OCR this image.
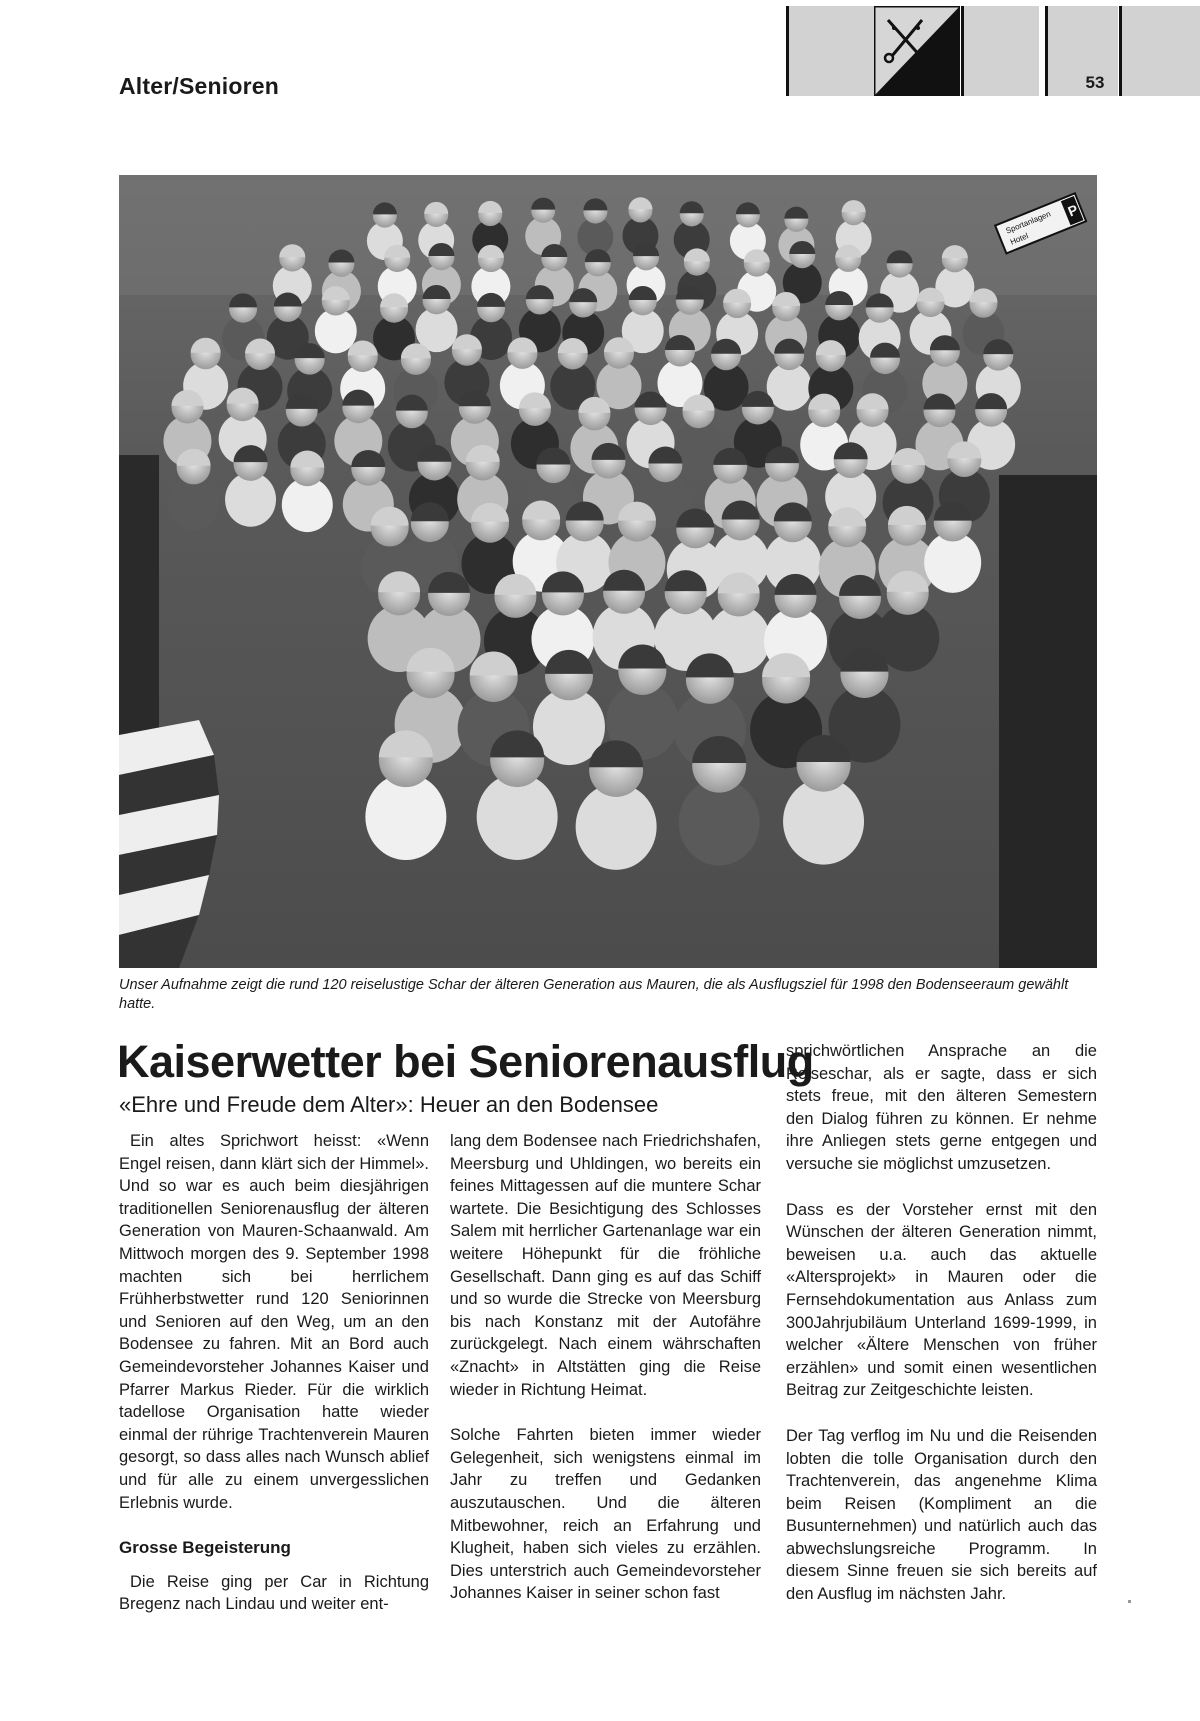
Alter/Senioren	53
Sportanlagen
Hotel
P
Unser Aufnahme zeigt die rund 120 reiselustige Schar der älteren Generation aus Mauren, die als Ausflugsziel für 1998 den Bodenseeraum gewählt hatte.
Kaiserwetter bei Seniorenausflug
«Ehre und Freude dem Alter»: Heuer an den Bodensee

Ein altes Sprichwort heisst: «Wenn Engel reisen, dann klärt sich der Himmel». Und so war es auch beim diesjährigen traditionellen Seniorenausflug der älteren Generation von Mauren-Schaanwald. Am Mittwoch morgen des 9. September 1998 machten sich bei herrlichem Frühherbstwetter rund 120 Seniorinnen und Senioren auf den Weg, um an den Bodensee zu fahren. Mit an Bord auch Gemeindevorsteher Johannes Kaiser und Pfarrer Markus Rieder. Für die wirklich tadellose Organisation hatte wieder einmal der rührige Trachtenverein Mauren gesorgt, so dass alles nach Wunsch ablief und für alle zu einem unvergesslichen Erlebnis wurde.

Grosse Begeisterung

Die Reise ging per Car in Richtung Bregenz nach Lindau und weiter ent-

lang dem Bodensee nach Friedrichshafen, Meersburg und Uhldingen, wo bereits ein feines Mittagessen auf die muntere Schar wartete. Die Besichtigung des Schlosses Salem mit herrlicher Gartenanlage war ein weitere Höhepunkt für die fröhliche Gesellschaft. Dann ging es auf das Schiff und so wurde die Strecke von Meersburg bis nach Konstanz mit der Autofähre zurückgelegt. Nach einem währschaften «Znacht» in Altstätten ging die Reise wieder in Richtung Heimat.

Solche Fahrten bieten immer wieder Gelegenheit, sich wenigstens einmal im Jahr zu treffen und Gedanken auszutauschen. Und die älteren Mitbewohner, reich an Erfahrung und Klugheit, haben sich vieles zu erzählen. Dies unterstrich auch Gemeindevorsteher Johannes Kaiser in seiner schon fast

sprichwörtlichen Ansprache an die Reiseschar, als er sagte, dass er sich stets freue, mit den älteren Semestern den Dialog führen zu können. Er nehme ihre Anliegen stets gerne entgegen und versuche sie möglichst umzusetzen.

Dass es der Vorsteher ernst mit den Wünschen der älteren Generation nimmt, beweisen u.a. auch das aktuelle «Altersprojekt» in Mauren oder die Fernsehdokumentation aus Anlass zum 300Jahrjubiläum Unterland 1699-1999, in welcher «Ältere Menschen von früher erzählen» und somit einen wesentlichen Beitrag zur Zeitgeschichte leisten.

Der Tag verflog im Nu und die Reisenden lobten die tolle Organisation durch den Trachtenverein, das angenehme Klima beim Reisen (Kompliment an die Busunternehmen) und natürlich auch das abwechslungsreiche Programm. In diesem Sinne freuen sie sich bereits auf den Ausflug im nächsten Jahr.
